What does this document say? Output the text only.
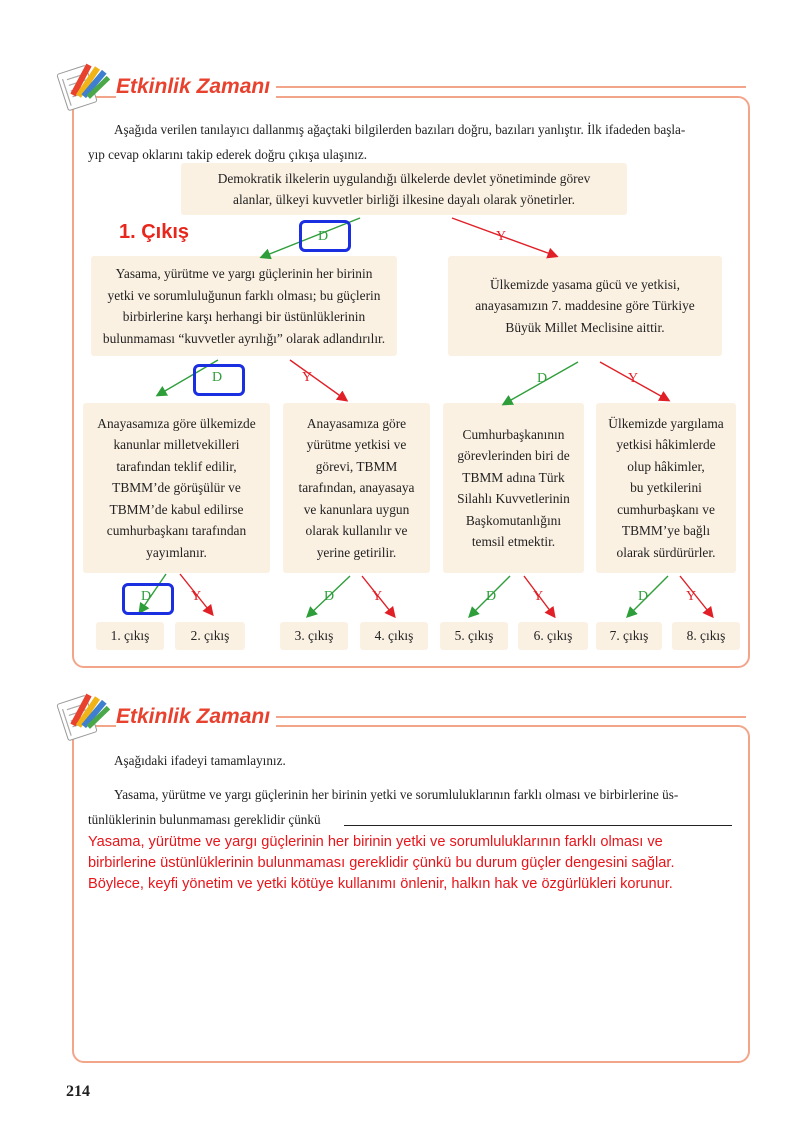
Etkinlik Zamanı
Aşağıda verilen tanılayıcı dallanmış ağaçtaki bilgilerden bazıları doğru, bazıları yanlıştır. İlk ifadeden başla-
yıp cevap oklarını takip ederek doğru çıkışa ulaşınız.
Demokratik ilkelerin uygulandığı ülkelerde devlet yönetiminde görev
alanlar, ülkeyi kuvvetler birliği ilkesine dayalı olarak yönetirler.
1. Çıkış
Yasama, yürütme ve yargı güçlerinin her birinin
yetki ve sorumluluğunun farklı olması; bu güçlerin
birbirlerine karşı herhangi bir üstünlüklerinin
bulunmaması “kuvvetler ayrılığı” olarak adlandırılır.
Ülkemizde yasama gücü ve yetkisi,
anayasamızın 7. maddesine göre Türkiye
Büyük Millet Meclisine aittir.
Anayasamıza göre ülkemizde
kanunlar milletvekilleri
tarafından teklif edilir,
TBMM’de görüşülür ve
TBMM’de kabul edilirse
cumhurbaşkanı tarafından
yayımlanır.
Anayasamıza göre
yürütme yetkisi ve
görevi, TBMM
tarafından, anayasaya
ve kanunlara uygun
olarak kullanılır ve
yerine getirilir.
Cumhurbaşkanının
görevlerinden biri de
TBMM adına Türk
Silahlı Kuvvetlerinin
Başkomutanlığını
temsil etmektir.
Ülkemizde yargılama
yetkisi hâkimlerde
olup hâkimler,
bu yetkilerini
cumhurbaşkanı ve
TBMM’ye bağlı
olarak sürdürürler.
1. çıkış	2. çıkış	3. çıkış	4. çıkış	5. çıkış	6. çıkış	7. çıkış	8. çıkış
D	Y
D	Y	D	Y
D	Y	D	Y	D	Y	D	Y
Etkinlik Zamanı
Aşağıdaki ifadeyi tamamlayınız.
Yasama, yürütme ve yargı güçlerinin her birinin yetki ve sorumluluklarının farklı olması ve birbirlerine üs-
tünlüklerinin bulunmaması gereklidir çünkü
Yasama, yürütme ve yargı güçlerinin her birinin yetki ve sorumluluklarının farklı olması ve
birbirlerine üstünlüklerinin bulunmaması gereklidir çünkü bu durum güçler dengesini sağlar.
Böylece, keyfi yönetim ve yetki kötüye kullanımı önlenir, halkın hak ve özgürlükleri korunur.
214
